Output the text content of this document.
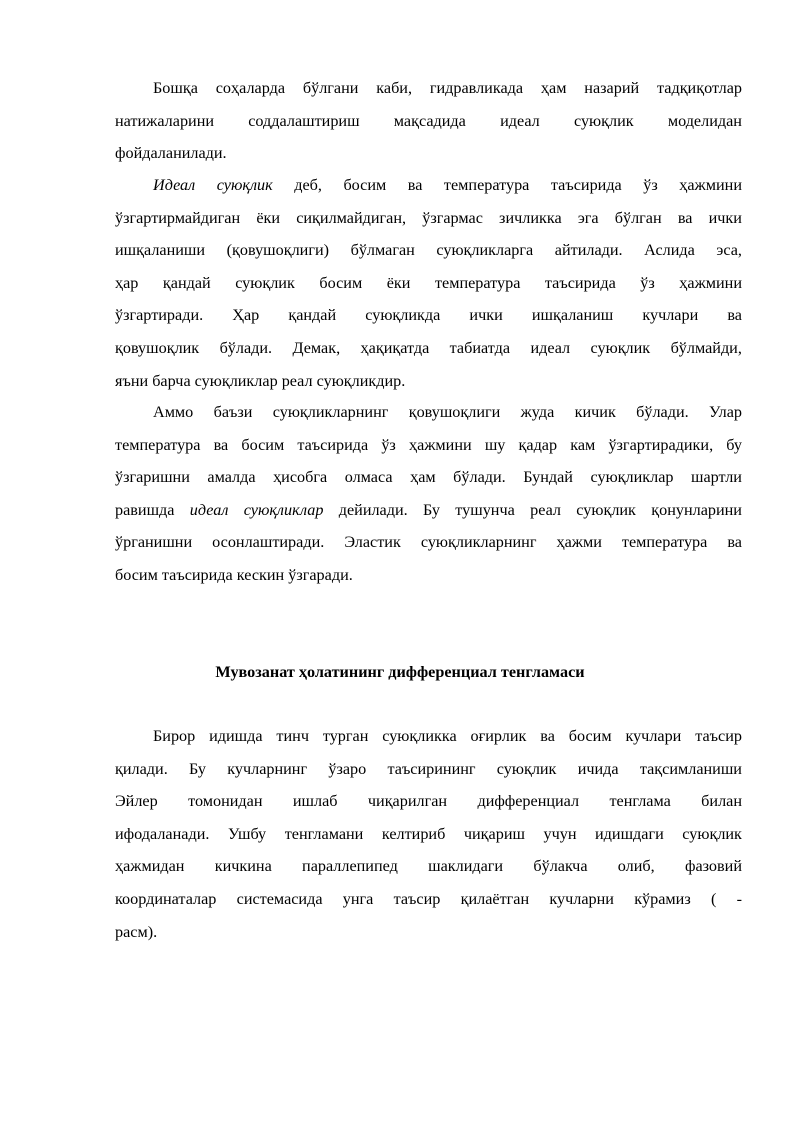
Бошқа соҳаларда бўлгани каби, гидравликада ҳам назарий тадқиқотлар
натижаларини соддалаштириш мақсадида идеал суюқлик моделидан
фойдаланилади.
Идеал суюқлик деб, босим ва температура таъсирида ўз ҳажмини
ўзгартирмайдиган ёки сиқилмайдиган, ўзгармас зичликка эга бўлган ва ички
ишқаланиши (қовушоқлиги) бўлмаган суюқликларга айтилади. Аслида эса,
ҳар қандай суюқлик босим ёки температура таъсирида ўз ҳажмини
ўзгартиради. Ҳар қандай суюқликда ички ишқаланиш кучлари ва
қовушоқлик бўлади. Демак, ҳақиқатда табиатда идеал суюқлик бўлмайди,
яъни барча суюқликлар реал суюқликдир.
Аммо баъзи суюқликларнинг қовушоқлиги жуда кичик бўлади. Улар
температура ва босим таъсирида ўз ҳажмини шу қадар кам ўзгартирадики, бу
ўзгаришни амалда ҳисобга олмаса ҳам бўлади. Бундай суюқликлар шартли
равишда идеал суюқликлар дейилади. Бу тушунча реал суюқлик қонунларини
ўрганишни осонлаштиради. Эластик суюқликларнинг ҳажми температура ва
босим таъсирида кескин ўзгаради.
Мувозанат ҳолатининг дифференциал тенгламаси
Бирор идишда тинч турган суюқликка оғирлик ва босим кучлари таъсир
қилади. Бу кучларнинг ўзаро таъсирининг суюқлик ичида тақсимланиши
Эйлер томонидан ишлаб чиқарилган дифференциал тенглама билан
ифодаланади. Ушбу тенгламани келтириб чиқариш учун идишдаги суюқлик
ҳажмидан кичкина параллепипед шаклидаги бўлакча олиб, фазовий
координаталар системасида унга таъсир қилаётган кучларни кўрамиз ( -
расм).
